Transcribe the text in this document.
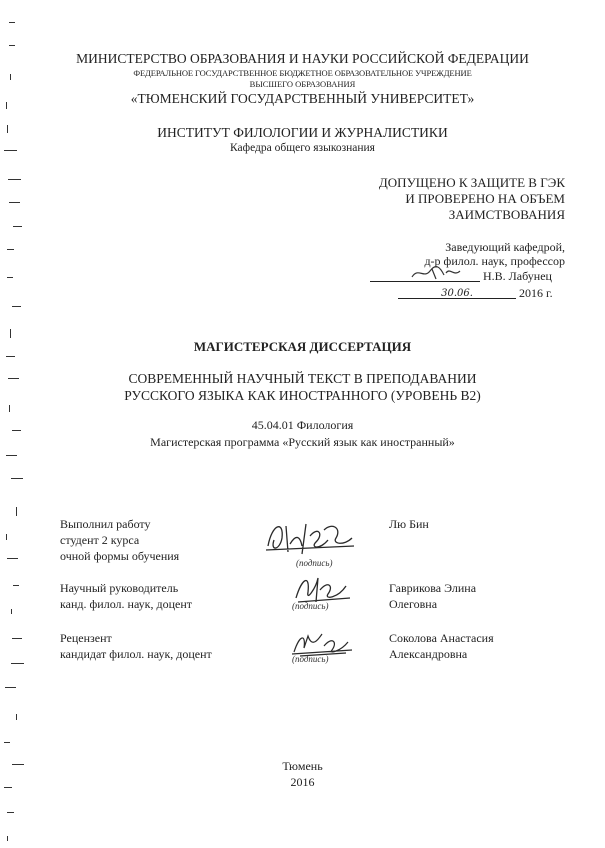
МИНИСТЕРСТВО ОБРАЗОВАНИЯ И НАУКИ РОССИЙСКОЙ ФЕДЕРАЦИИ
ФЕДЕРАЛЬНОЕ ГОСУДАРСТВЕННОЕ БЮДЖЕТНОЕ ОБРАЗОВАТЕЛЬНОЕ УЧРЕЖДЕНИЕ
ВЫСШЕГО ОБРАЗОВАНИЯ
«ТЮМЕНСКИЙ ГОСУДАРСТВЕННЫЙ УНИВЕРСИТЕТ»
ИНСТИТУТ ФИЛОЛОГИИ И ЖУРНАЛИСТИКИ
Кафедра общего языкознания
ДОПУЩЕНО К ЗАЩИТЕ В ГЭК
И ПРОВЕРЕНО НА ОБЪЕМ
ЗАИМСТВОВАНИЯ
Заведующий кафедрой,
д-р филол. наук, профессор
Н.В. Лабунец
30.06.	2016 г.
МАГИСТЕРСКАЯ ДИССЕРТАЦИЯ
СОВРЕМЕННЫЙ НАУЧНЫЙ ТЕКСТ В ПРЕПОДАВАНИИ
РУССКОГО ЯЗЫКА КАК ИНОСТРАННОГО (УРОВЕНЬ В2)
45.04.01 Филология
Магистерская программа «Русский язык как иностранный»
Выполнил работу
студент 2 курса
очной формы обучения	(подпись)
Лю Бин
Научный руководитель
канд. филол. наук, доцент	(подпись)
Гаврикова Элина
Олеговна
Рецензент
кандидат филол. наук, доцент	(подпись)
Соколова Анастасия
Александровна
Тюмень
2016
